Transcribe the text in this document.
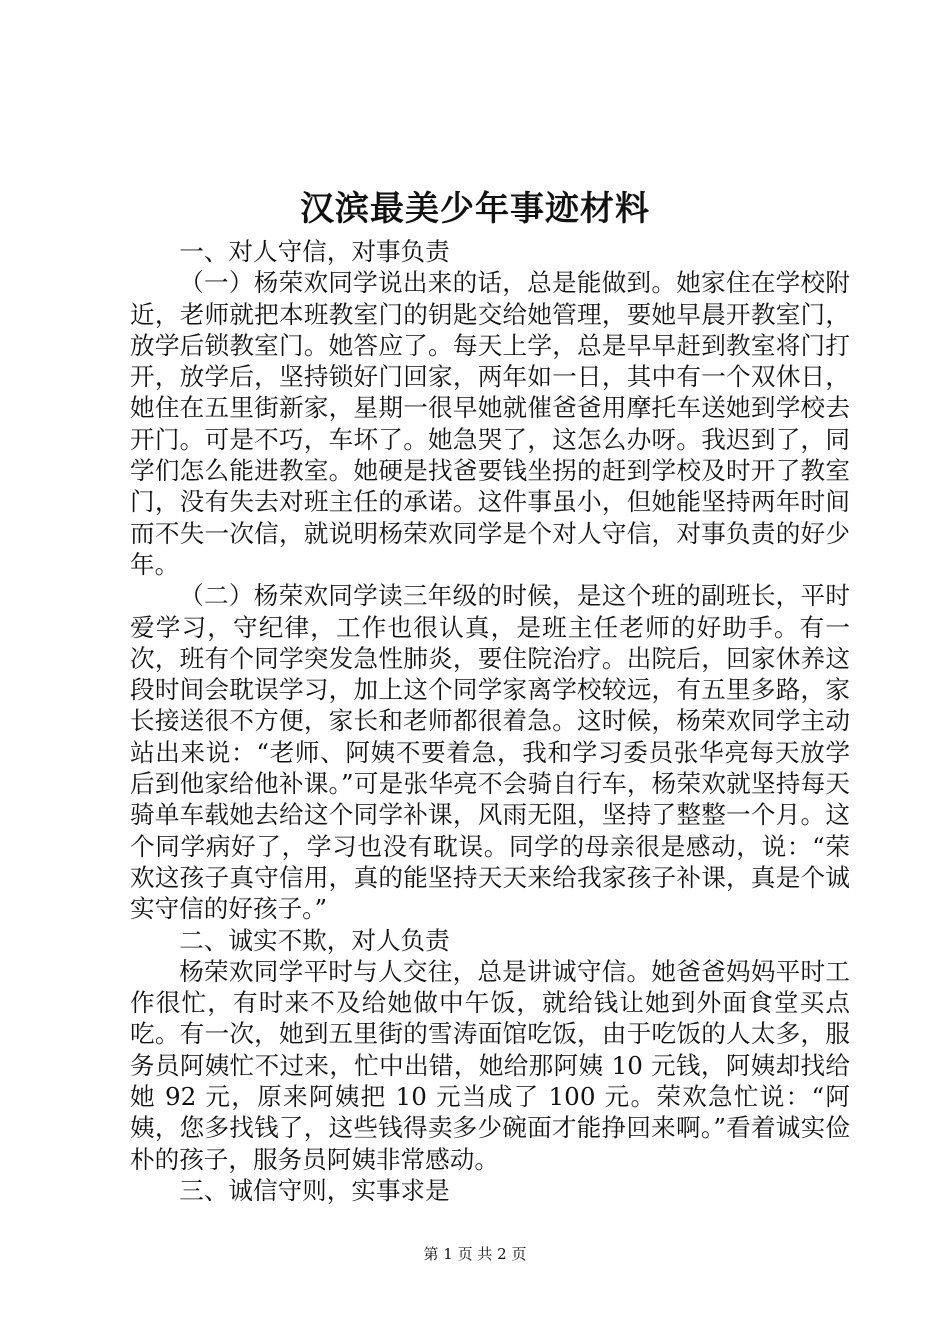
汉滨最美少年事迹材料

一、对人守信，对事负责

（一）杨荣欢同学说出来的话，总是能做到。她家住在学校附近，老师就把本班教室门的钥匙交给她管理，要她早晨开教室门，放学后锁教室门。她答应了。每天上学，总是早早赶到教室将门打开，放学后，坚持锁好门回家，两年如一日，其中有一个双休日，她住在五里街新家，星期一很早她就催爸爸用摩托车送她到学校去开门。可是不巧，车坏了。她急哭了，这怎么办呀。我迟到了，同学们怎么能进教室。她硬是找爸要钱坐拐的赶到学校及时开了教室门，没有失去对班主任的承诺。这件事虽小，但她能坚持两年时间而不失一次信，就说明杨荣欢同学是个对人守信，对事负责的好少年。

（二）杨荣欢同学读三年级的时候，是这个班的副班长，平时爱学习，守纪律，工作也很认真，是班主任老师的好助手。有一次，班有个同学突发急性肺炎，要住院治疗。出院后，回家休养这段时间会耽误学习，加上这个同学家离学校较远，有五里多路，家长接送很不方便，家长和老师都很着急。这时候，杨荣欢同学主动站出来说：“老师、阿姨不要着急，我和学习委员张华亮每天放学后到他家给他补课。”可是张华亮不会骑自行车，杨荣欢就坚持每天骑单车载她去给这个同学补课，风雨无阻，坚持了整整一个月。这个同学病好了，学习也没有耽误。同学的母亲很是感动，说：“荣欢这孩子真守信用，真的能坚持天天来给我家孩子补课，真是个诚实守信的好孩子。”

二、诚实不欺，对人负责

杨荣欢同学平时与人交往，总是讲诚守信。她爸爸妈妈平时工作很忙，有时来不及给她做中午饭，就给钱让她到外面食堂买点吃。有一次，她到五里街的雪涛面馆吃饭，由于吃饭的人太多，服务员阿姨忙不过来，忙中出错，她给那阿姨 10 元钱，阿姨却找给她 92 元，原来阿姨把 10 元当成了 100 元。荣欢急忙说：“阿姨，您多找钱了，这些钱得卖多少碗面才能挣回来啊。”看着诚实俭朴的孩子，服务员阿姨非常感动。

三、诚信守则，实事求是

第 1 页 共 2 页
